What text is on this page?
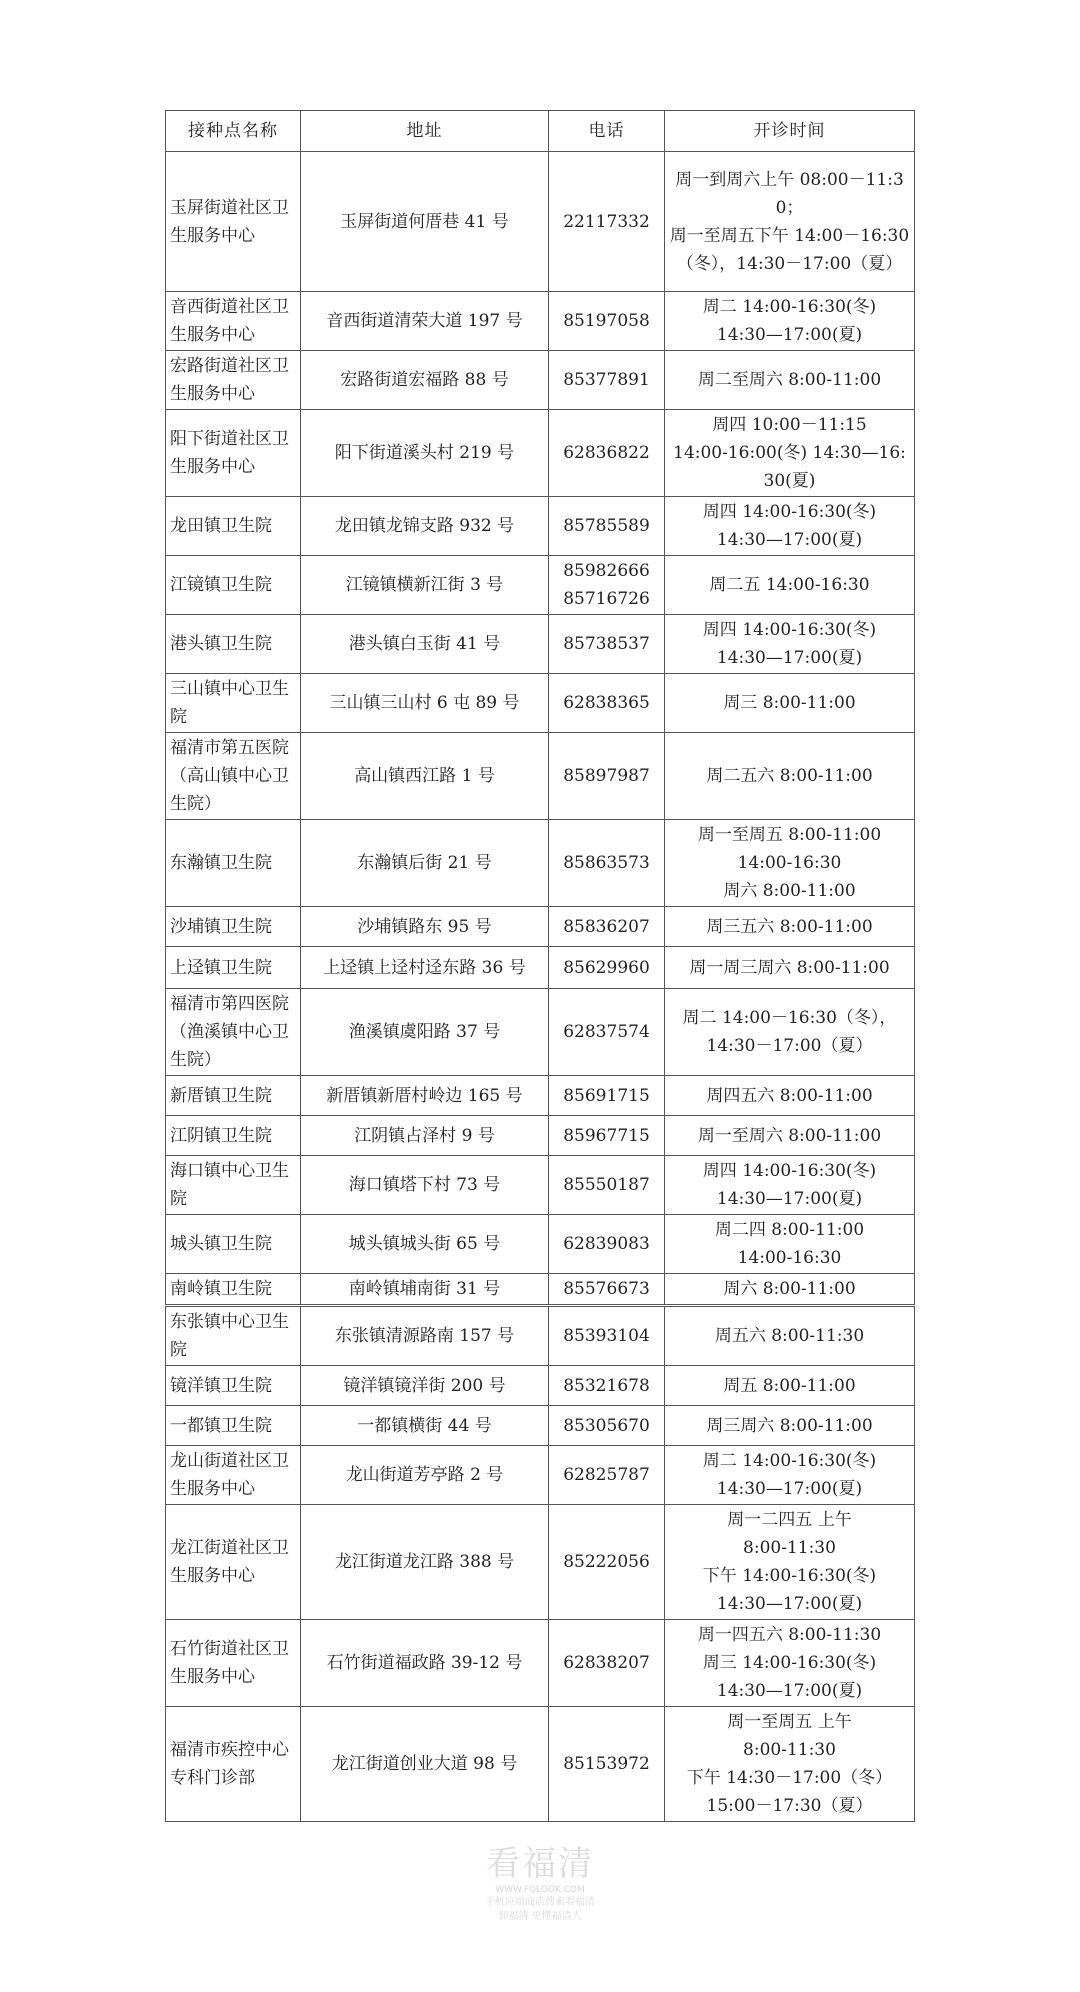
接种点名称	地址	电话	开诊时间
玉屏街道社区卫生服务中心	玉屏街道何厝巷 41 号	22117332	周一到周六上午 08:00－11:30；
周一至周五下午 14:00－16:30（冬），14:30－17:00（夏）
音西街道社区卫生服务中心	音西街道清荣大道 197 号	85197058	周二 14:00-16:30(冬)
14:30—17:00(夏)
宏路街道社区卫生服务中心	宏路街道宏福路 88 号	85377891	周二至周六 8:00-11:00
阳下街道社区卫生服务中心	阳下街道溪头村 219 号	62836822	周四 10:00－11:15
14:00-16:00(冬) 14:30—16:30(夏)
龙田镇卫生院	龙田镇龙锦支路 932 号	85785589	周四 14:00-16:30(冬)
14:30—17:00(夏)
江镜镇卫生院	江镜镇横新江街 3 号	85982666
85716726	周二五 14:00-16:30
港头镇卫生院	港头镇白玉街 41 号	85738537	周四 14:00-16:30(冬)
14:30—17:00(夏)
三山镇中心卫生院	三山镇三山村 6 屯 89 号	62838365	周三 8:00-11:00
福清市第五医院（高山镇中心卫生院）	高山镇西江路 1 号	85897987	周二五六 8:00-11:00
东瀚镇卫生院	东瀚镇后街 21 号	85863573	周一至周五 8:00-11:00
14:00-16:30
周六 8:00-11:00
沙埔镇卫生院	沙埔镇路东 95 号	85836207	周三五六 8:00-11:00
上迳镇卫生院	上迳镇上迳村迳东路 36 号	85629960	周一周三周六 8:00-11:00
福清市第四医院（渔溪镇中心卫生院）	渔溪镇虞阳路 37 号	62837574	周二 14:00－16:30（冬），
14:30－17:00（夏）
新厝镇卫生院	新厝镇新厝村岭边 165 号	85691715	周四五六 8:00-11:00
江阴镇卫生院	江阴镇占泽村 9 号	85967715	周一至周六 8:00-11:00
海口镇中心卫生院	海口镇塔下村 73 号	85550187	周四 14:00-16:30(冬)
14:30—17:00(夏)
城头镇卫生院	城头镇城头街 65 号	62839083	周二四 8:00-11:00
14:00-16:30
南岭镇卫生院	南岭镇埔南街 31 号	85576673	周六 8:00-11:00
东张镇中心卫生院	东张镇清源路南 157 号	85393104	周五六 8:00-11:30
镜洋镇卫生院	镜洋镇镜洋街 200 号	85321678	周五 8:00-11:00
一都镇卫生院	一都镇横街 44 号	85305670	周三周六 8:00-11:00
龙山街道社区卫生服务中心	龙山街道芳亭路 2 号	62825787	周二 14:00-16:30(冬)
14:30—17:00(夏)
龙江街道社区卫生服务中心	龙江街道龙江路 388 号	85222056	周一二四五 上午
8:00-11:30
下午 14:00-16:30(冬)
14:30—17:00(夏)
石竹街道社区卫生服务中心	石竹街道福政路 39-12 号	62838207	周一四五六 8:00-11:30
周三 14:00-16:30(冬)
14:30—17:00(夏)
福清市疾控中心专科门诊部	龙江街道创业大道 98 号	85153972	周一至周五 上午
8:00-11:30
下午 14:30－17:00（冬）
15:00－17:30（夏）
看福清
WWW.FQLOOK.COM
手机应用商店搜索看福清
知福清 更懂福清人
